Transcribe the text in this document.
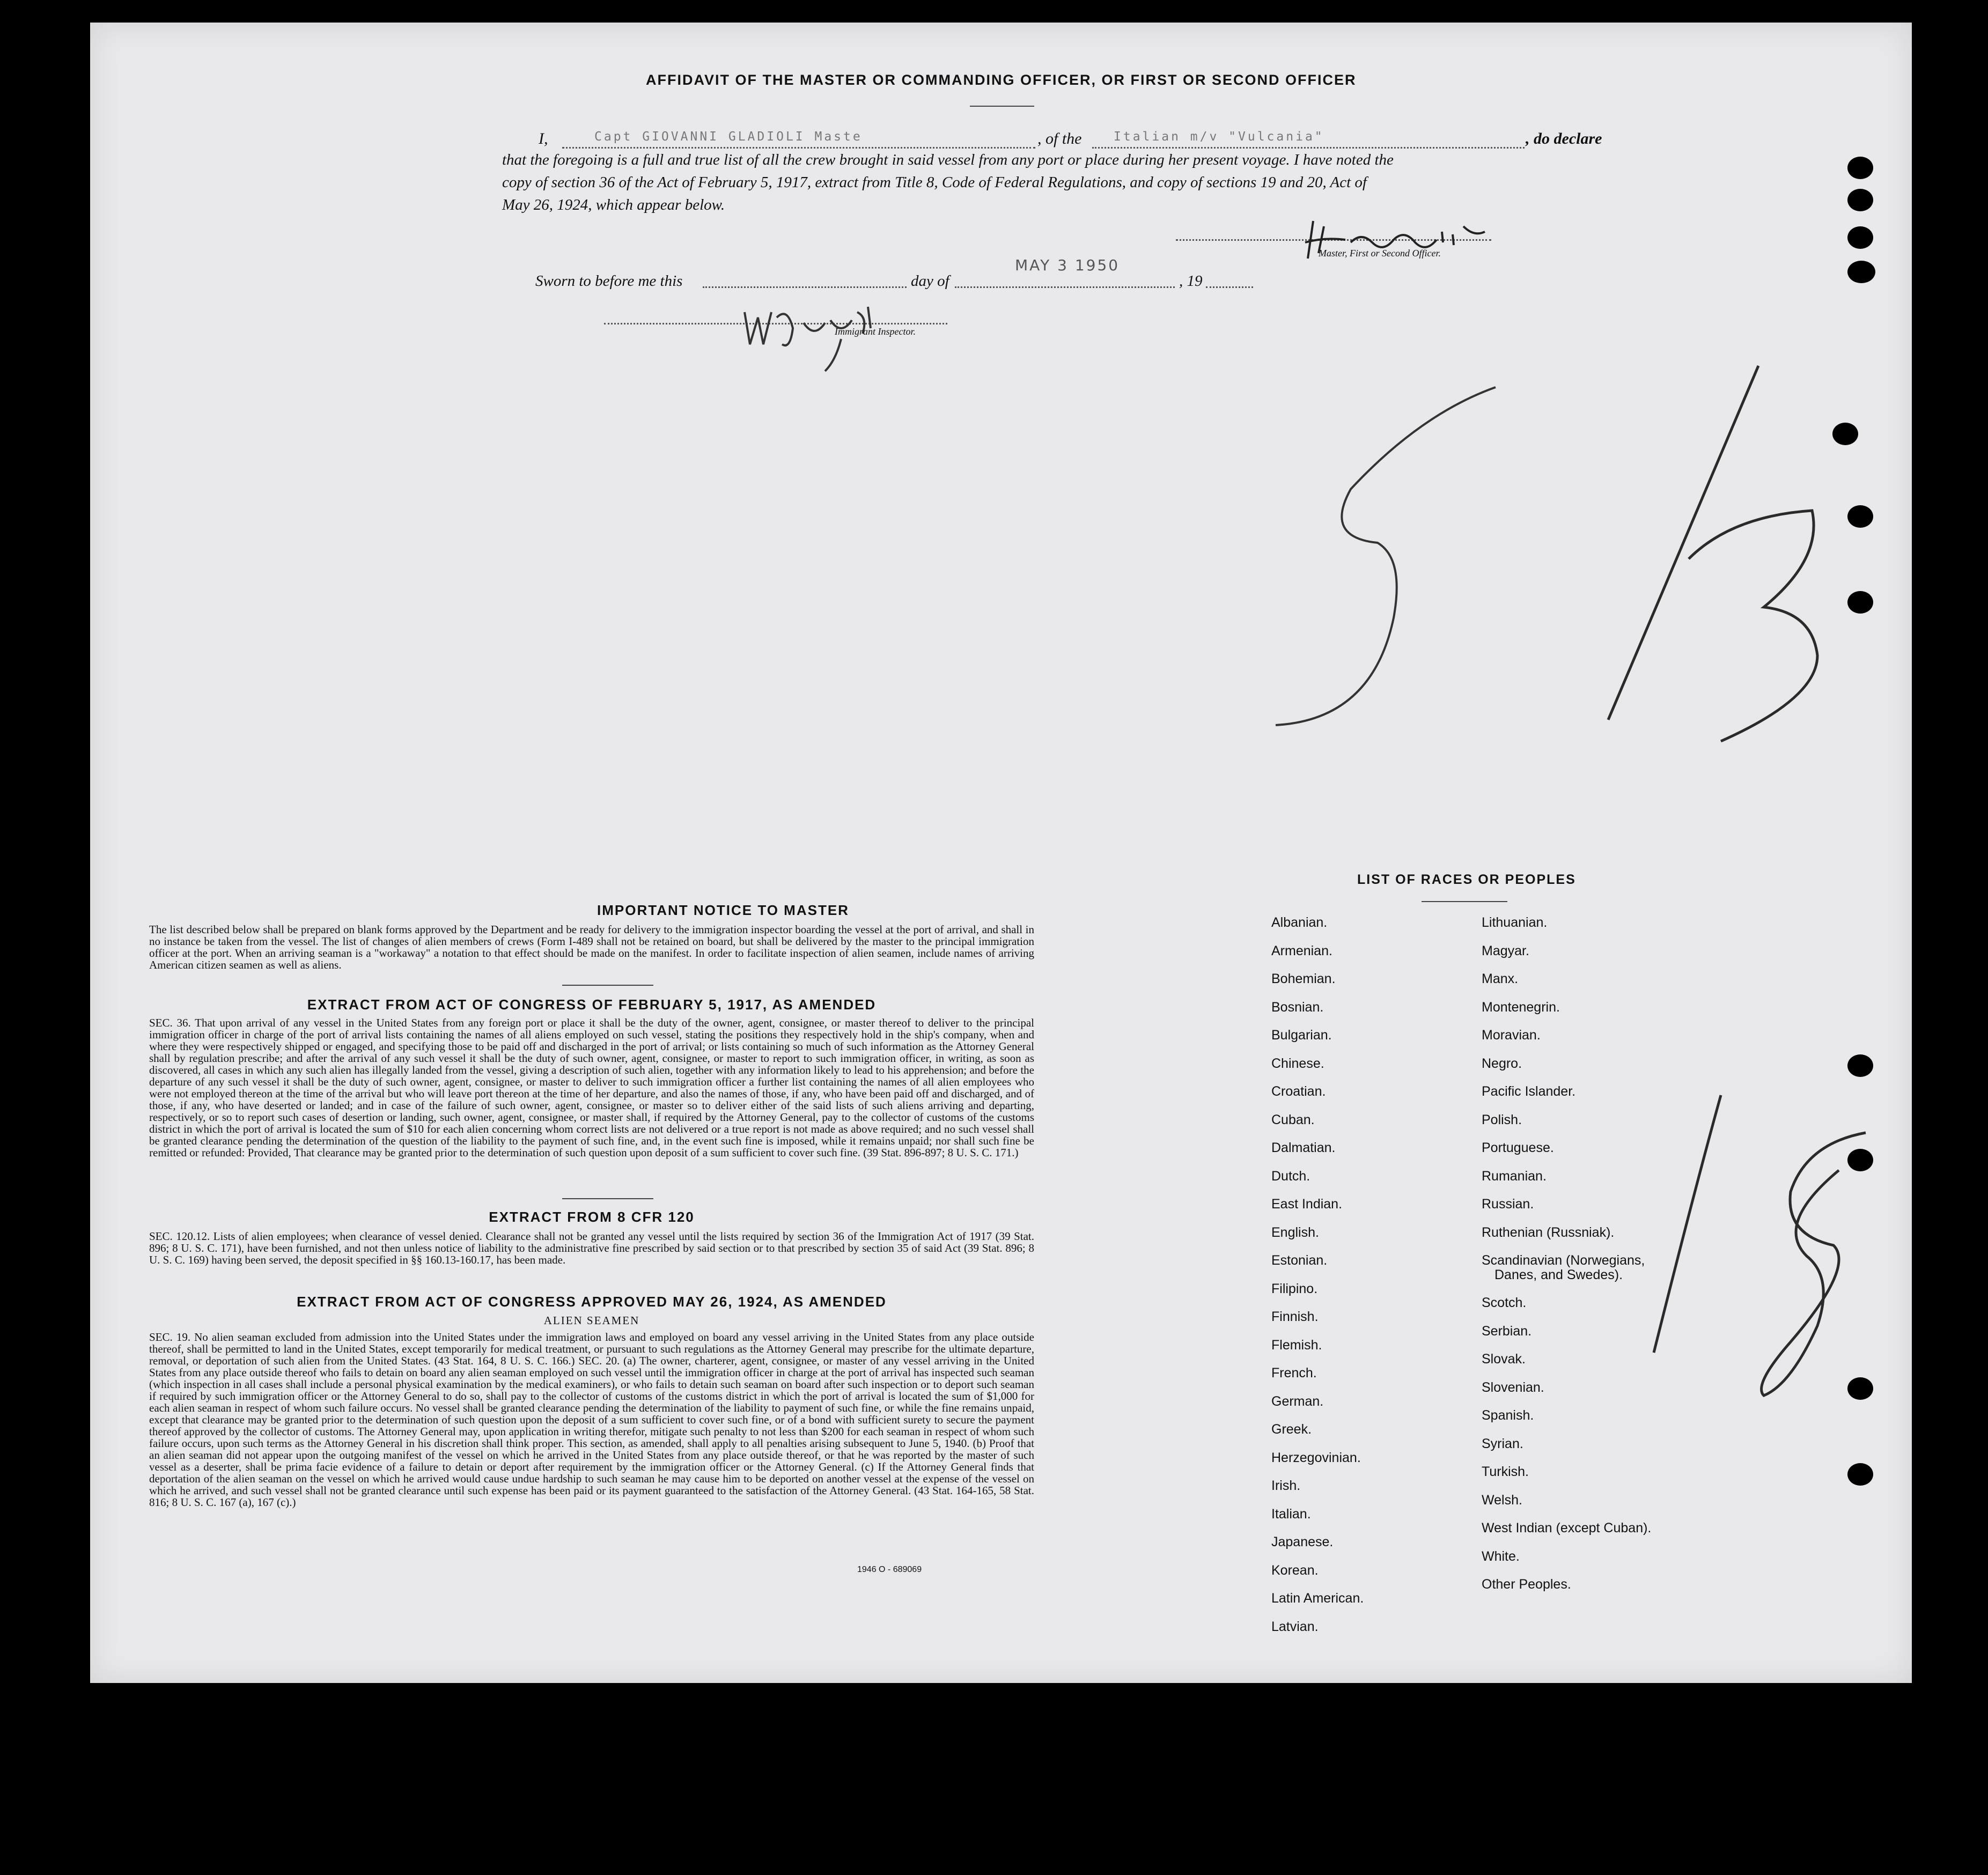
AFFIDAVIT OF THE MASTER OR COMMANDING OFFICER, OR FIRST OR SECOND OFFICER
I,	Capt GIOVANNI GLADIOLI Maste	, of the	Italian m/v "Vulcania"	, do declare
that the foregoing is a full and true list of all the crew brought in said vessel from any port or place during her present voyage. I have noted the
copy of section 36 of the Act of February 5, 1917, extract from Title 8, Code of Federal Regulations, and copy of sections 19 and 20, Act of
May 26, 1924, which appear below.
Master, First or Second Officer.
Sworn to before me this	day of
MAY 3 1950
, 19
Immigrant Inspector.
IMPORTANT NOTICE TO MASTER
The list described below shall be prepared on blank forms approved by the Department and be ready for delivery to the immigration inspector boarding the vessel at the port of arrival, and shall in no instance be taken from the vessel. The list of changes of alien members of crews (Form I-489 shall not be retained on board, but shall be delivered by the master to the principal immigration officer at the port. When an arriving seaman is a "workaway" a notation to that effect should be made on the manifest. In order to facilitate inspection of alien seamen, include names of arriving American citizen seamen as well as aliens.
EXTRACT FROM ACT OF CONGRESS OF FEBRUARY 5, 1917, AS AMENDED
SEC. 36. That upon arrival of any vessel in the United States from any foreign port or place it shall be the duty of the owner, agent, consignee, or master thereof to deliver to the principal immigration officer in charge of the port of arrival lists containing the names of all aliens employed on such vessel, stating the positions they respectively hold in the ship's company, when and where they were respectively shipped or engaged, and specifying those to be paid off and discharged in the port of arrival; or lists containing so much of such information as the Attorney General shall by regulation prescribe; and after the arrival of any such vessel it shall be the duty of such owner, agent, consignee, or master to report to such immigration officer, in writing, as soon as discovered, all cases in which any such alien has illegally landed from the vessel, giving a description of such alien, together with any information likely to lead to his apprehension; and before the departure of any such vessel it shall be the duty of such owner, agent, consignee, or master to deliver to such immigration officer a further list containing the names of all alien employees who were not employed thereon at the time of the arrival but who will leave port thereon at the time of her departure, and also the names of those, if any, who have been paid off and discharged, and of those, if any, who have deserted or landed; and in case of the failure of such owner, agent, consignee, or master so to deliver either of the said lists of such aliens arriving and departing, respectively, or so to report such cases of desertion or landing, such owner, agent, consignee, or master shall, if required by the Attorney General, pay to the collector of customs of the customs district in which the port of arrival is located the sum of $10 for each alien concerning whom correct lists are not delivered or a true report is not made as above required; and no such vessel shall be granted clearance pending the determination of the question of the liability to the payment of such fine, and, in the event such fine is imposed, while it remains unpaid; nor shall such fine be remitted or refunded: Provided, That clearance may be granted prior to the determination of such question upon deposit of a sum sufficient to cover such fine. (39 Stat. 896-897; 8 U. S. C. 171.)
EXTRACT FROM 8 CFR 120
SEC. 120.12. Lists of alien employees; when clearance of vessel denied. Clearance shall not be granted any vessel until the lists required by section 36 of the Immigration Act of 1917 (39 Stat. 896; 8 U. S. C. 171), have been furnished, and not then unless notice of liability to the administrative fine prescribed by said section or to that prescribed by section 35 of said Act (39 Stat. 896; 8 U. S. C. 169) having been served, the deposit specified in §§ 160.13-160.17, has been made.
EXTRACT FROM ACT OF CONGRESS APPROVED MAY 26, 1924, AS AMENDED
ALIEN SEAMEN
SEC. 19. No alien seaman excluded from admission into the United States under the immigration laws and employed on board any vessel arriving in the United States from any place outside thereof, shall be permitted to land in the United States, except temporarily for medical treatment, or pursuant to such regulations as the Attorney General may prescribe for the ultimate departure, removal, or deportation of such alien from the United States. (43 Stat. 164, 8 U. S. C. 166.) SEC. 20. (a) The owner, charterer, agent, consignee, or master of any vessel arriving in the United States from any place outside thereof who fails to detain on board any alien seaman employed on such vessel until the immigration officer in charge at the port of arrival has inspected such seaman (which inspection in all cases shall include a personal physical examination by the medical examiners), or who fails to detain such seaman on board after such inspection or to deport such seaman if required by such immigration officer or the Attorney General to do so, shall pay to the collector of customs of the customs district in which the port of arrival is located the sum of $1,000 for each alien seaman in respect of whom such failure occurs. No vessel shall be granted clearance pending the determination of the liability to payment of such fine, or while the fine remains unpaid, except that clearance may be granted prior to the determination of such question upon the deposit of a sum sufficient to cover such fine, or of a bond with sufficient surety to secure the payment thereof approved by the collector of customs. The Attorney General may, upon application in writing therefor, mitigate such penalty to not less than $200 for each seaman in respect of whom such failure occurs, upon such terms as the Attorney General in his discretion shall think proper. This section, as amended, shall apply to all penalties arising subsequent to June 5, 1940. (b) Proof that an alien seaman did not appear upon the outgoing manifest of the vessel on which he arrived in the United States from any place outside thereof, or that he was reported by the master of such vessel as a deserter, shall be prima facie evidence of a failure to detain or deport after requirement by the immigration officer or the Attorney General. (c) If the Attorney General finds that deportation of the alien seaman on the vessel on which he arrived would cause undue hardship to such seaman he may cause him to be deported on another vessel at the expense of the vessel on which he arrived, and such vessel shall not be granted clearance until such expense has been paid or its payment guaranteed to the satisfaction of the Attorney General. (43 Stat. 164-165, 58 Stat. 816; 8 U. S. C. 167 (a), 167 (c).)
1946 O - 689069
LIST OF RACES OR PEOPLES
Albanian.
Armenian.
Bohemian.
Bosnian.
Bulgarian.
Chinese.
Croatian.
Cuban.
Dalmatian.
Dutch.
East Indian.
English.
Estonian.
Filipino.
Finnish.
Flemish.
French.
German.
Greek.
Herzegovinian.
Irish.
Italian.
Japanese.
Korean.
Latin American.
Latvian.
Lithuanian.
Magyar.
Manx.
Montenegrin.
Moravian.
Negro.
Pacific Islander.
Polish.
Portuguese.
Rumanian.
Russian.
Ruthenian (Russniak).
Scandinavian (Norwegians,
Danes, and Swedes).
Scotch.
Serbian.
Slovak.
Slovenian.
Spanish.
Syrian.
Turkish.
Welsh.
West Indian (except Cuban).
White.
Other Peoples.
